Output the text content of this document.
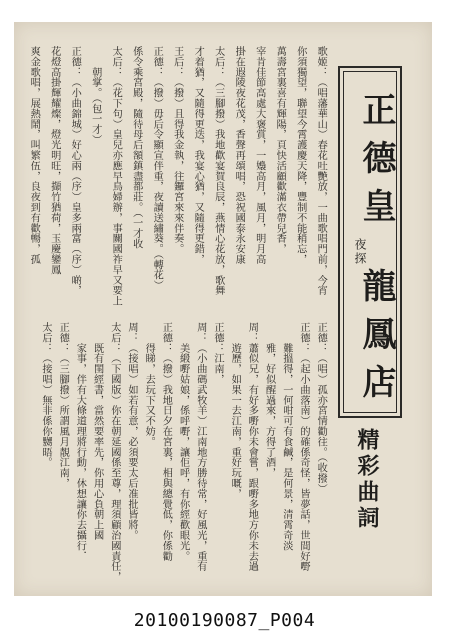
正德皇
夜探
龍鳳店
精彩曲詞
歌姬：（唱藩華山）春花吐艷放，一曲歌唱門前，今宵
你須獨望，聯望今霄護慶天降，豐制不能稍忘，
萬壽宮裏喜有輝陽，頁快活顧歡滿衣帶兒香，
宰肯佳節高處大褒賞，一嬝高月，風月，明月高
掛在遐陵夜花茂，香聲再頌唱，恐祝國泰永安康
太后：（三腳撥）我地歡宴賀良辰，燕情心花放，歌舞
才着猶，又隨得更迭，我宴心猶，又隨得更錯，
王后：（撥）且得我金執，往鑼宮來來伴奏。
正德：（撥）毋后令顯宣伴重，夜讀送繡葵。（轉花）
係令乘宮殿，隨待母后額鎮盡都莊。（一才收
太后：（花下句）皇兒亦應早鳥婦辦，事關國祚早又要上
　　朝掌。（包一才）
正德：（小曲錦城）好心兩（序）皇多兩富（序）啲，
花燈高掛輝耀燦，燈光明旺，擷竹猶荷，玉慶鑾鳳
爽金歌唱，展熱鬧，叫繁伍，良夜到有歡暢，孤
正德：（唱）孤亦宮情勸往。（收撥）
正德：（起小曲落南）的確係奇怪，皆夢話，世間好嘢
　　難搵得，一何咁可有食鹹，是何景，清霄奇淡
　　雅，好似醒過來，方得了酒，
周：蕭似兄，有好多嘢你未會嘗，跟嘢多地方你未去過
　　遊歷，如果一去江南，重好玩嘅，
正德：江南，
周：（小曲碼武牧羊）江南地方勝待常，好風光，重有
　　美緞嘢姑娘，係呼嘢，讓佢呼，有你經歡眼光。
正德：（撥）我地日夕在宮裏，相與總覺低，你係勸
　　得睇，去玩下又不妨。
周：（接唱）如若有意，必須要太后准批皆將。
太后：（下國版）你在朝延國係至尊，理須顧治國責任，
　　既有閨經書，當然要率先，你用心負朝上國
　　家事，伴有大條道理將行動，休想讓你去攝行．
正德：（三腳撥）所謂風月靚江南，
太后：（接唱）無非係你嬲晤。
20100190087_P004
